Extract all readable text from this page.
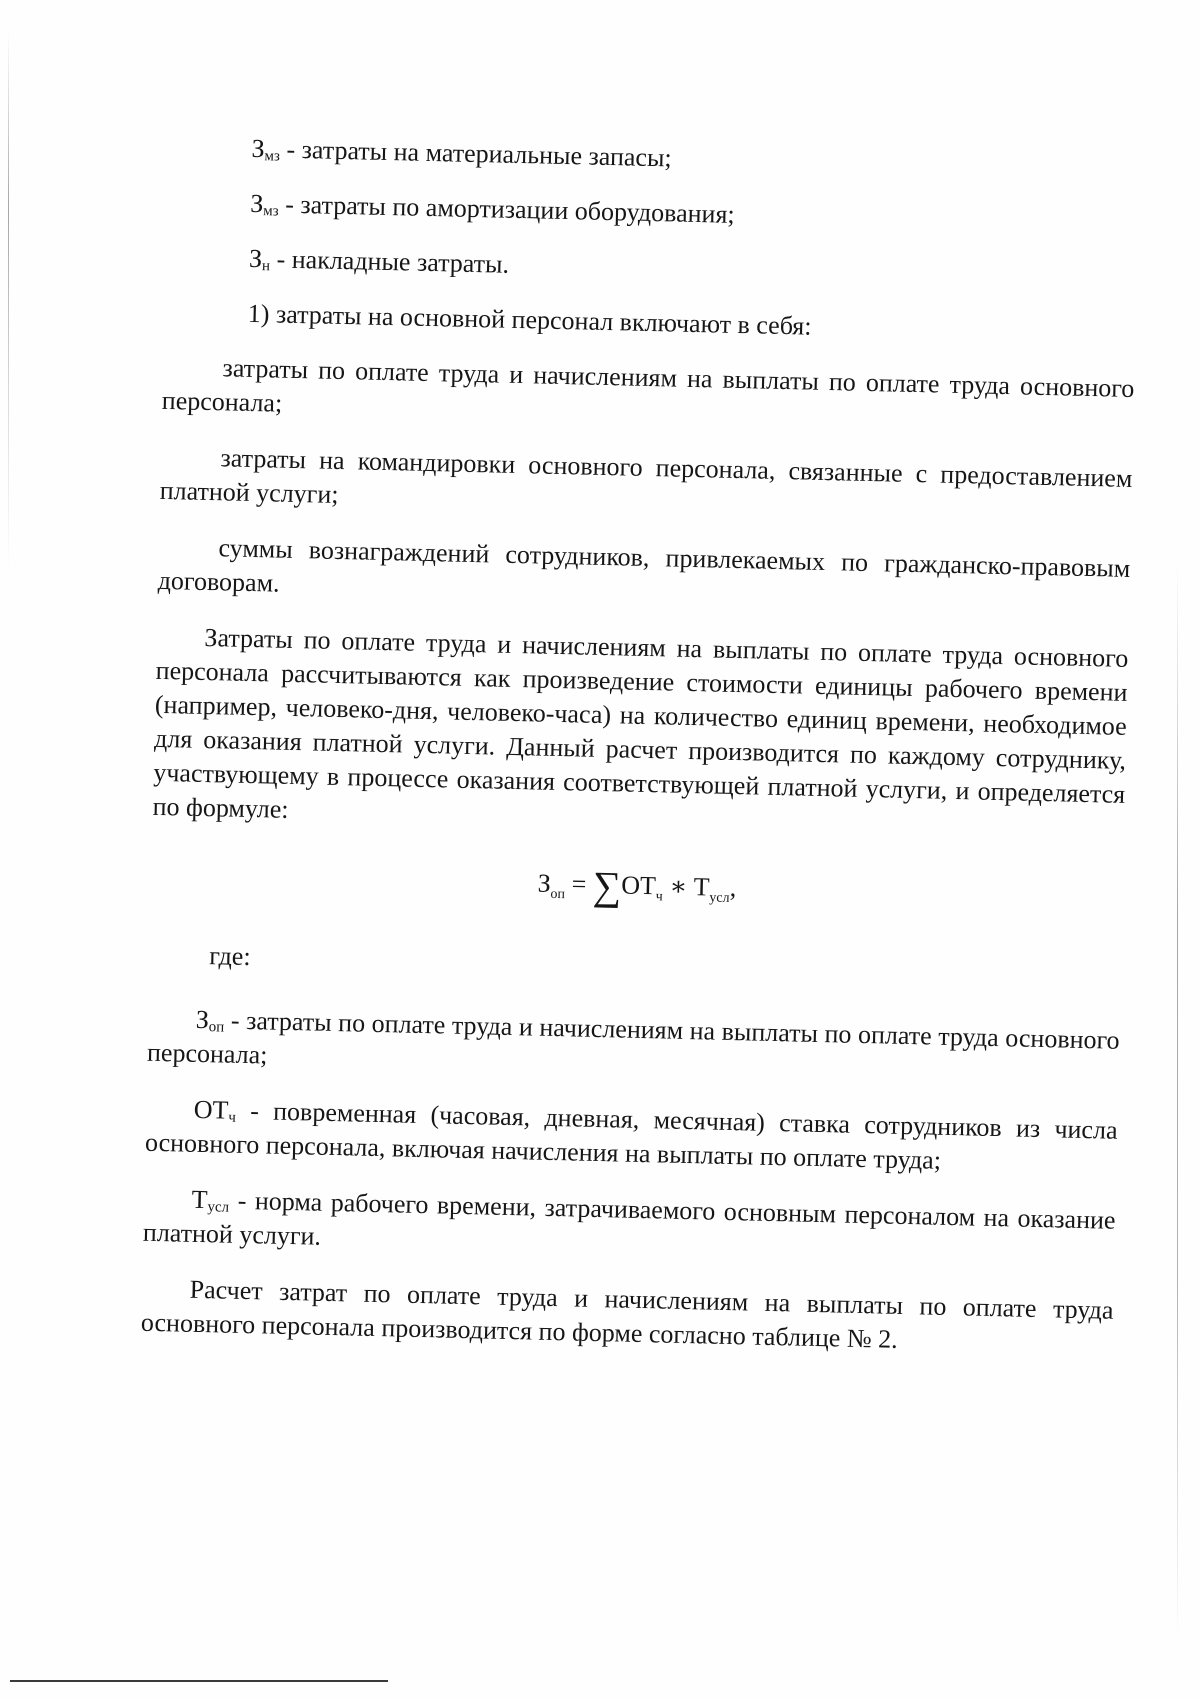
$З_{мз}$ - затраты на материальные запасы;

$З_{мз}$ - затраты по амортизации оборудования;

$З_н$ - накладные затраты.

1) затраты на основной персонал включают в себя:

затраты по оплате труда и начислениям на выплаты по оплате труда основного персонала;

затраты на командировки основного персонала, связанные с предоставлением платной услуги;

суммы вознаграждений сотрудников, привлекаемых по гражданско-правовым договорам.

Затраты по оплате труда и начислениям на выплаты по оплате труда основного персонала рассчитываются как произведение стоимости единицы рабочего времени (например, человеко-дня, человеко-часа) на количество единиц времени, необходимое для оказания платной услуги. Данный расчет производится по каждому сотруднику, участвующему в процессе оказания соответствующей платной услуги, и определяется по формуле:

$З_{оп} = \sum ОТ_ч$ ∗ $Т_{усл}$,

где:

$З_{оп}$ - затраты по оплате труда и начислениям на выплаты по оплате труда основного персонала;

$ОТ_ч$ - повременная (часовая, дневная, месячная) ставка сотрудников из числа основного персонала, включая начисления на выплаты по оплате труда;

$Т_{усл}$ - норма рабочего времени, затрачиваемого основным персоналом на оказание платной услуги.

Расчет затрат по оплате труда и начислениям на выплаты по оплате труда основного персонала производится по форме согласно таблице № 2.
